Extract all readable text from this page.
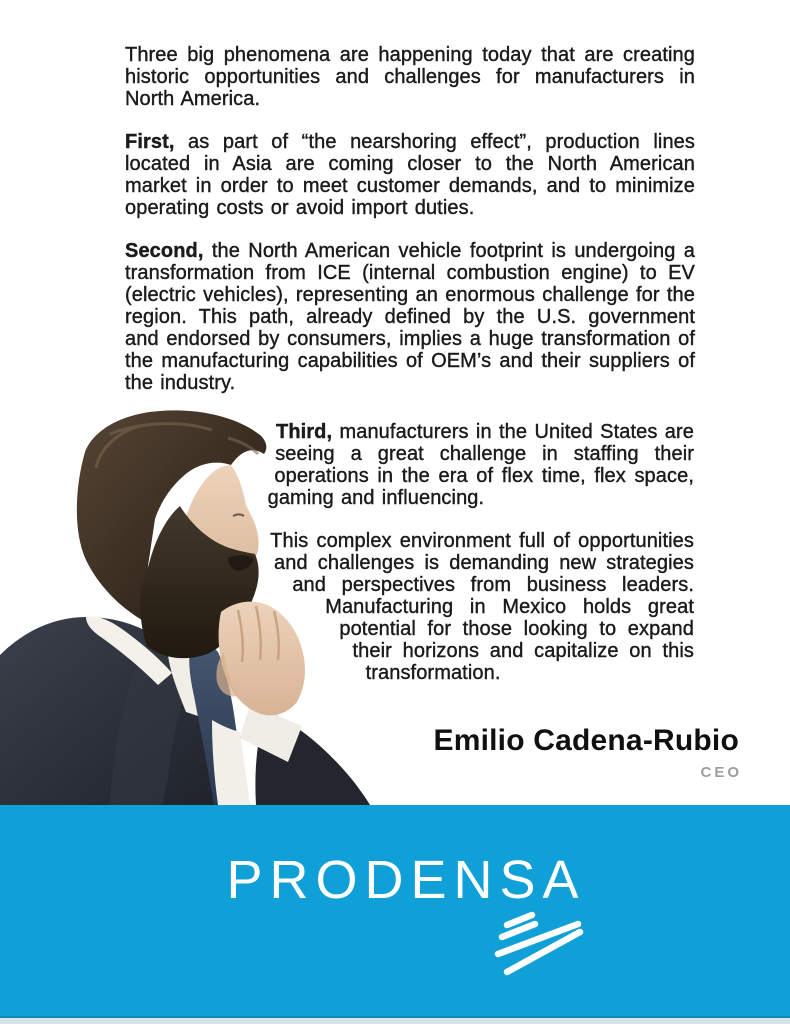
Three big phenomena are happening today that are creating historic opportunities and challenges for manufacturers in North America.

First, as part of “the nearshoring effect”, production lines located in Asia are coming closer to the North American market in order to meet customer demands, and to minimize operating costs or avoid import duties.

Second, the North American vehicle footprint is undergoing a transformation from ICE (internal combustion engine) to EV (electric vehicles), representing an enormous challenge for the region. This path, already defined by the U.S. government and endorsed by consumers, implies a huge transformation of the manufacturing capabilities of OEM’s and their suppliers of the industry.

Third, manufacturers in the United States are seeing a great challenge in staffing their operations in the era of flex time, flex space, gaming and influencing.

This complex environment full of opportunities and challenges is demanding new strategies and perspectives from business leaders. Manufacturing in Mexico holds great potential for those looking to expand their horizons and capitalize on this transformation.

Emilio Cadena-Rubio
CEO
PRODENSA
